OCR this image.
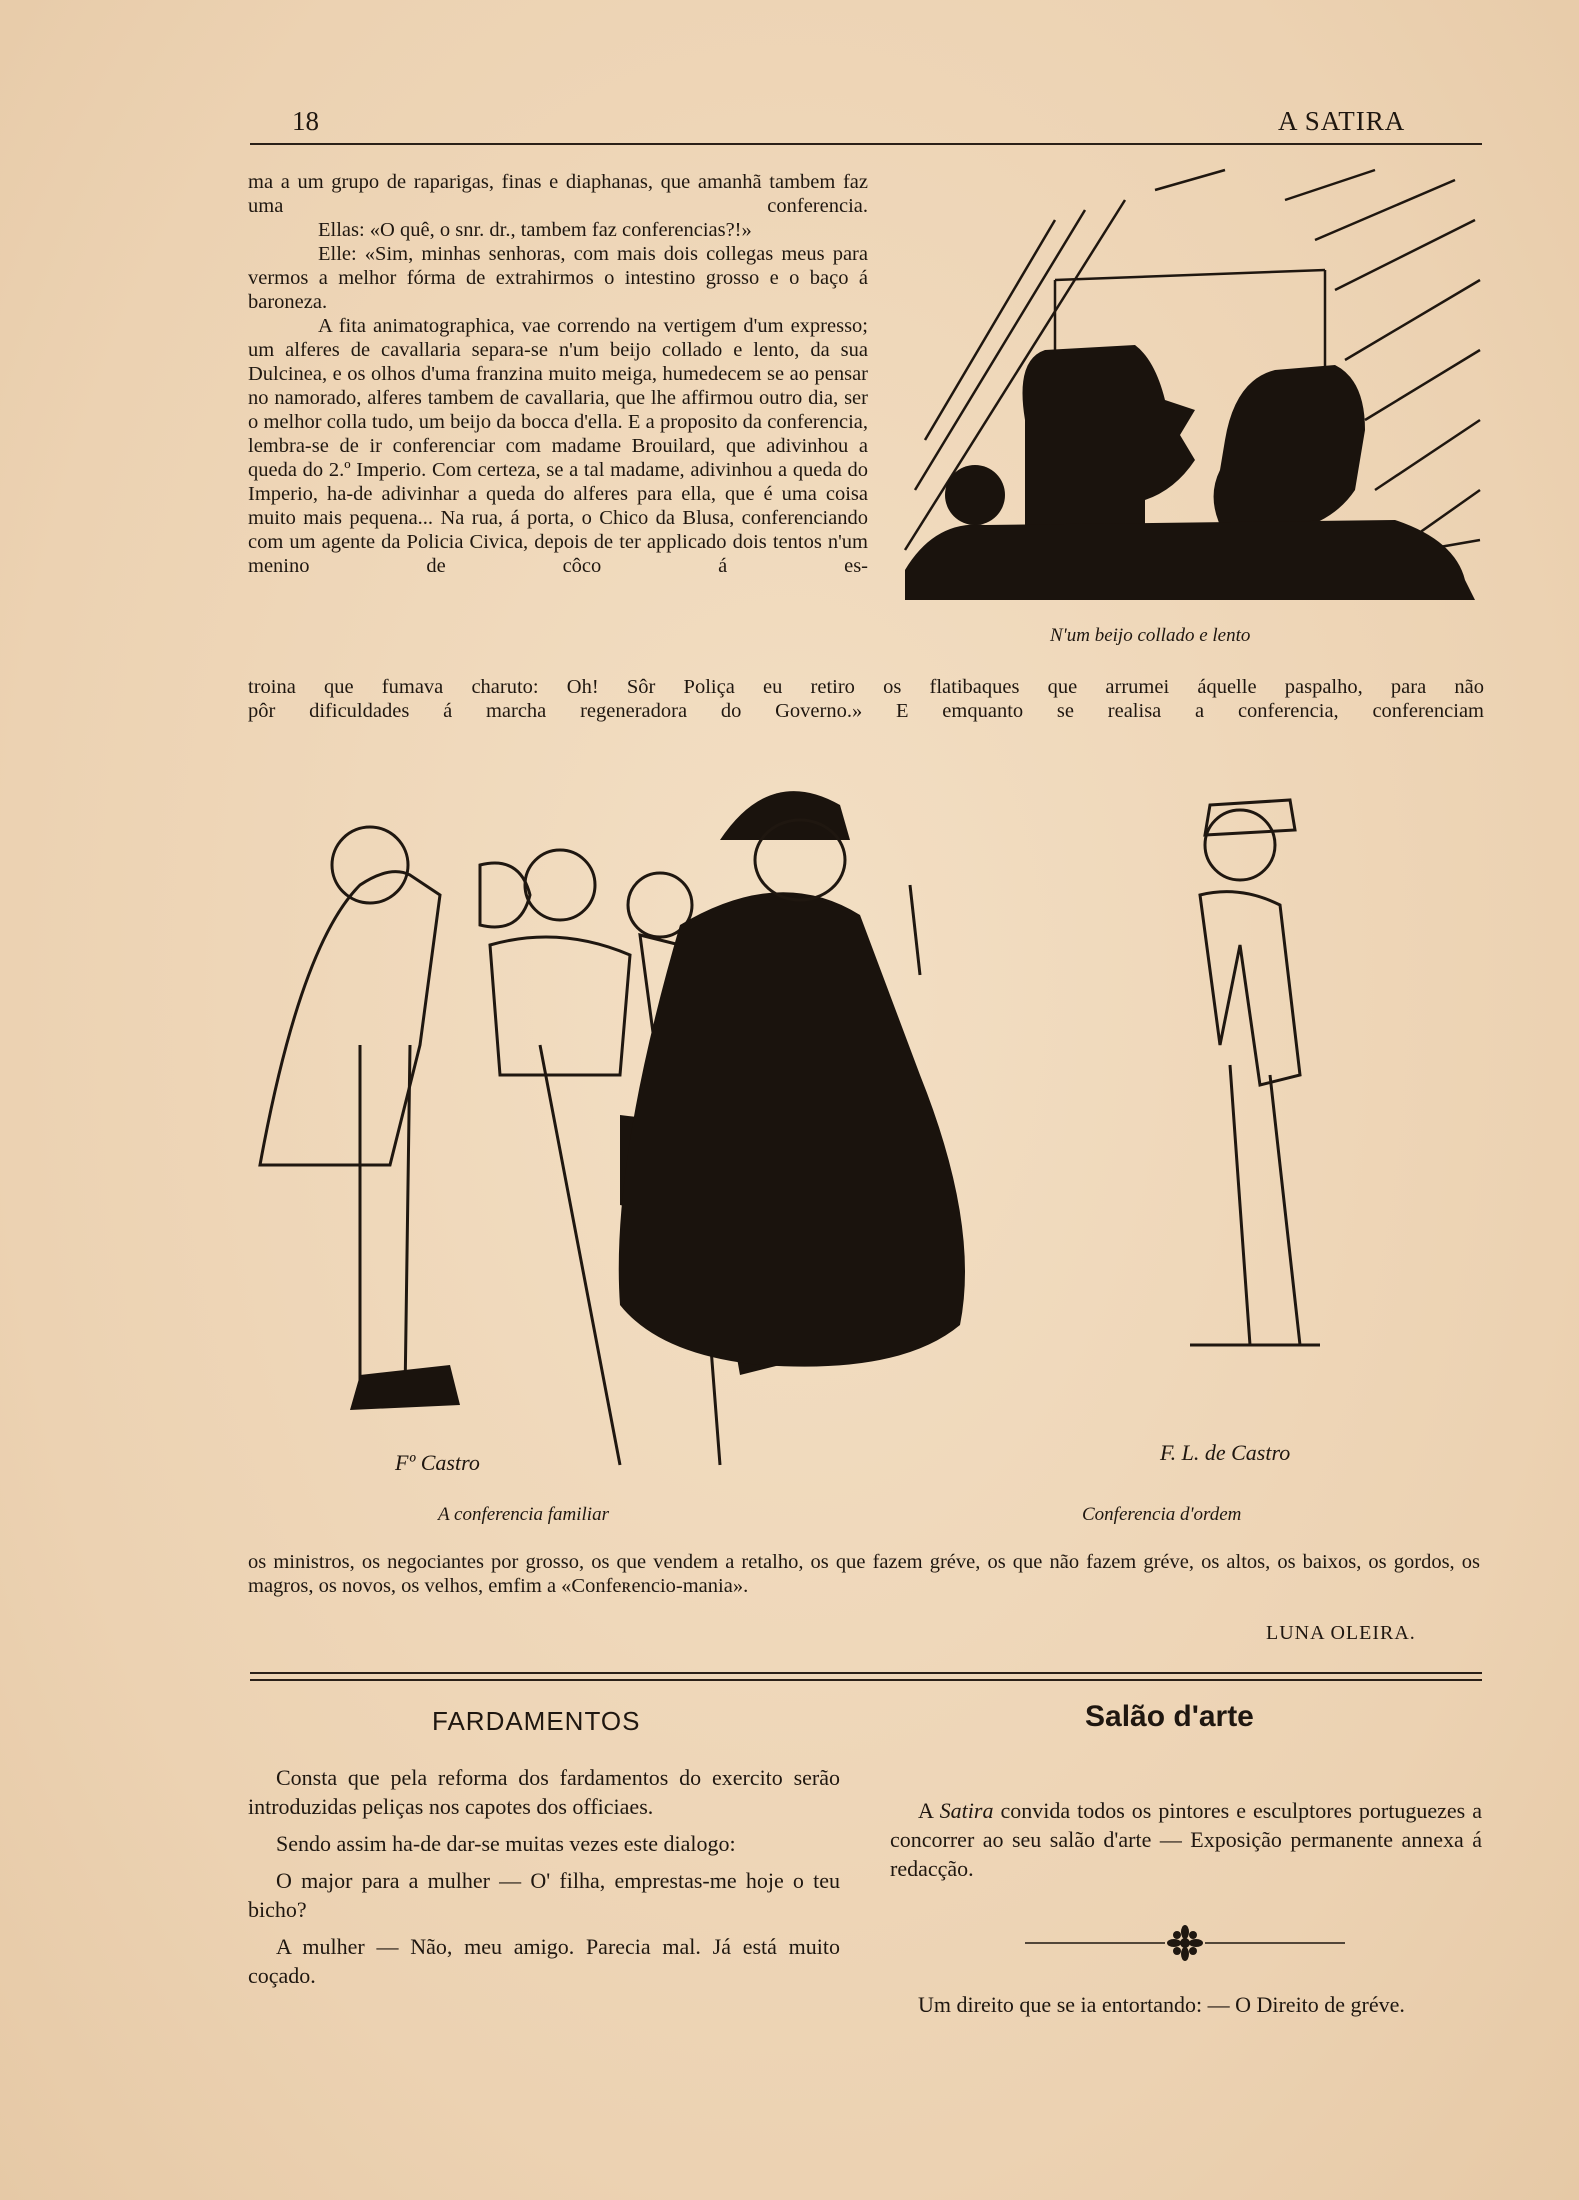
18	A SATIRA

ma a um grupo de raparigas, finas e diaphanas, que amanhã tambem faz uma conferencia.

Ellas: «O quê, o snr. dr., tambem faz conferencias?!»

Elle: «Sim, minhas senhoras, com mais dois collegas meus para vermos a melhor fórma de extrahirmos o intestino grosso e o baço á baroneza.

A fita animatographica, vae correndo na vertigem d'um expresso; um alferes de cavallaria separa-se n'um beijo collado e lento, da sua Dulcinea, e os olhos d'uma franzina muito meiga, humedecem se ao pensar no namorado, alferes tambem de cavallaria, que lhe affirmou outro dia, ser o melhor colla tudo, um beijo da bocca d'ella. E a proposito da conferencia, lembra-se de ir conferenciar com madame Brouilard, que adivinhou a queda do 2.º Imperio. Com certeza, se a tal madame, adivinhou a queda do Imperio, ha-de adivinhar a queda do alferes para ella, que é uma coisa muito mais pequena... Na rua, á porta, o Chico da Blusa, conferenciando com um agente da Policia Civica, depois de ter applicado dois tentos n'um menino de côco á es-

N'um beijo collado e lento

troina que fumava charuto: Oh! Sôr Poliça eu retiro os flatibaques que arrumei áquelle paspalho, para não

pôr dificuldades á marcha regeneradora do Governo.» E emquanto se realisa a conferencia, conferenciam

Fº Castro	F. L. de Castro
A conferencia familiar	Conferencia d'ordem

os ministros, os negociantes por grosso, os que vendem a retalho, os que fazem gréve, os que não fazem gréve, os altos, os baixos, os gordos, os magros, os novos, os velhos, emfim a «Confeʀencio-mania».

LUNA OLEIRA.
FARDAMENTOS

Consta que pela reforma dos fardamentos do exercito serão introduzidas peliças nos capotes dos officiaes.

Sendo assim ha-de dar-se muitas vezes este dialogo:

O major para a mulher — O' filha, emprestas-me hoje o teu bicho?

A mulher — Não, meu amigo. Parecia mal. Já está muito coçado.

Salão d'arte

A Satira convida todos os pintores e esculptores portuguezes a concorrer ao seu salão d'arte — Exposição permanente annexa á redacção.

Um direito que se ia entortando: — O Direito de gréve.
